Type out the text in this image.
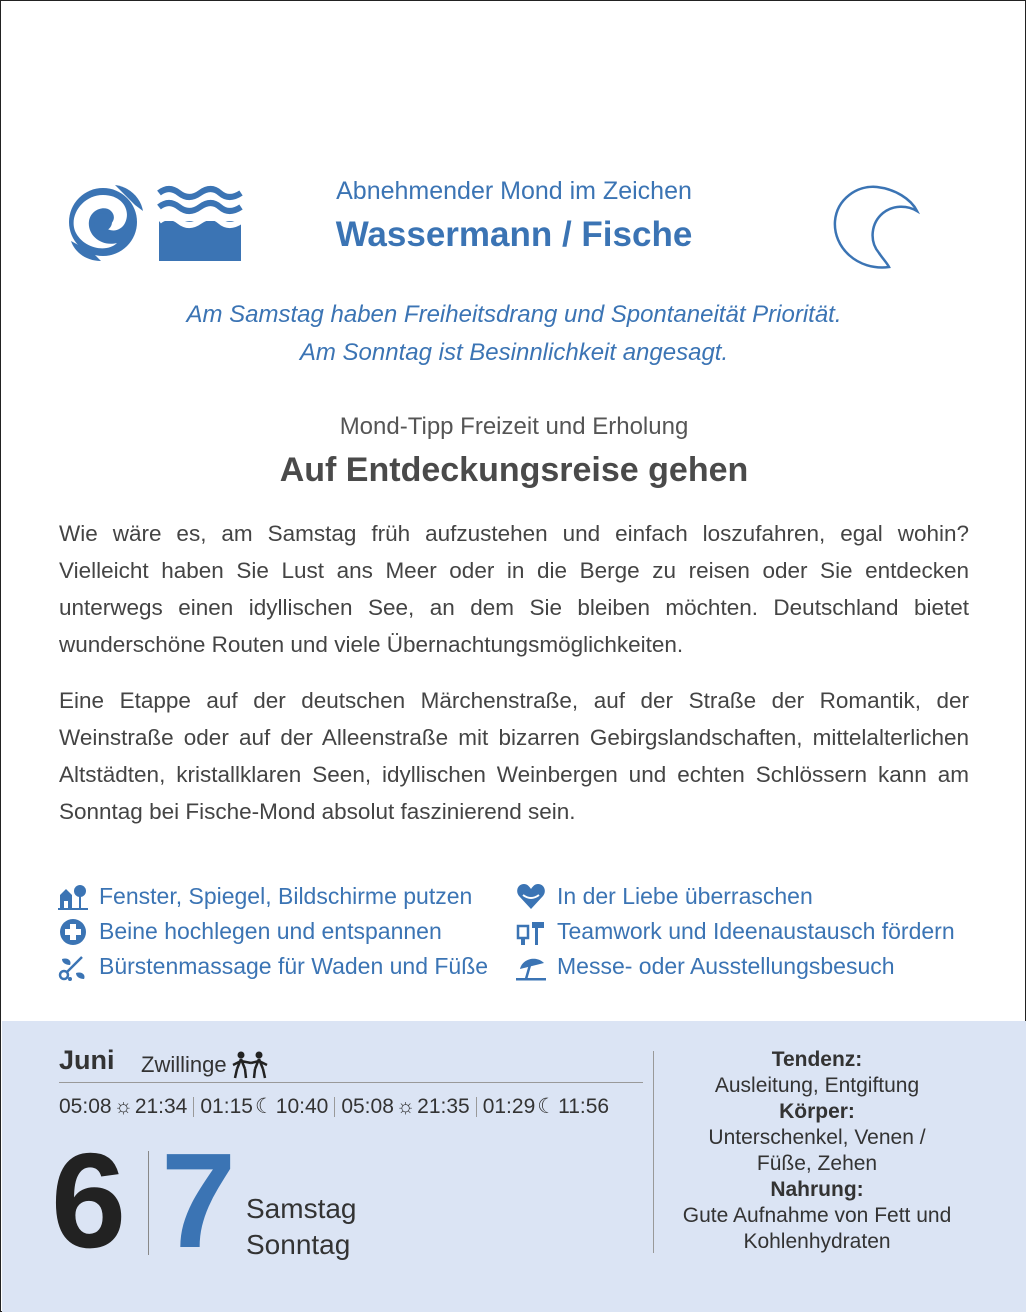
Abnehmender Mond im Zeichen
Wassermann / Fische
Am Samstag haben Freiheitsdrang und Spontaneität Priorität.
Am Sonntag ist Besinnlichkeit angesagt.
Mond-Tipp Freizeit und Erholung
Auf Entdeckungsreise gehen

Wie wäre es, am Samstag früh aufzustehen und einfach loszufahren, egal wohin? Vielleicht haben Sie Lust ans Meer oder in die Berge zu reisen oder Sie entdecken unterwegs einen idyllischen See, an dem Sie bleiben möchten. Deutschland bietet wunderschöne Routen und viele Übernachtungsmöglichkeiten.

Eine Etappe auf der deutschen Märchenstraße, auf der Straße der Romantik, der Weinstraße oder auf der Alleenstraße mit bizarren Gebirgslandschaften, mittelalterlichen Altstädten, kristallklaren Seen, idyllischen Weinbergen und echten Schlössern kann am Sonntag bei Fische-Mond absolut faszinierend sein.

Fenster, Spiegel, Bildschirme putzen
Beine hochlegen und entspannen
Bürstenmassage für Waden und Füße
In der Liebe überraschen
Teamwork und Ideenaustausch fördern
Messe- oder Ausstellungsbesuch
Juni Zwillinge
05:08 ☼ 21:34 01:15 ☾ 10:40 05:08 ☼ 21:35 01:29 ☾ 11:56
6 7 Samstag
Sonntag
Tendenz:
Ausleitung, Entgiftung
Körper:
Unterschenkel, Venen /
Füße, Zehen
Nahrung:
Gute Aufnahme von Fett und
Kohlenhydraten
